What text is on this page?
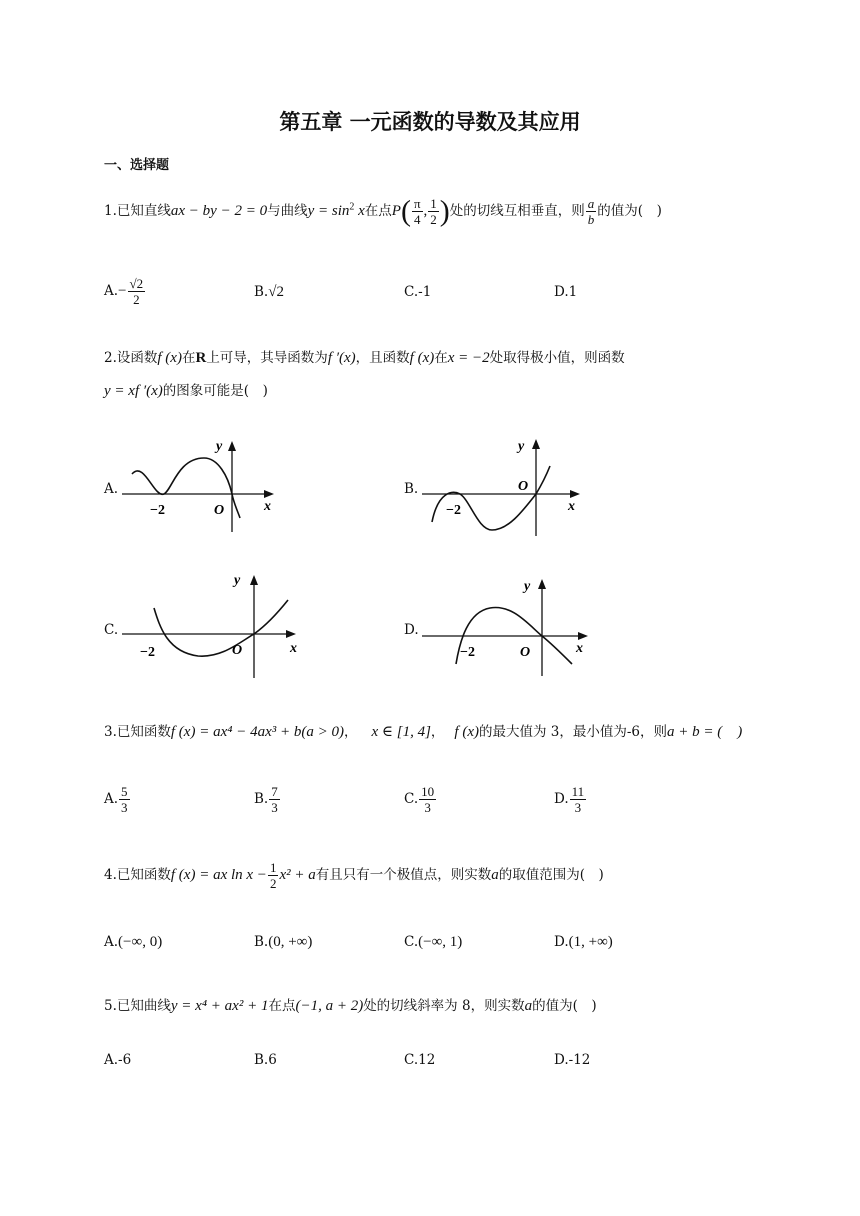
第五章 一元函数的导数及其应用
一、选择题
1.已知直线ax − by − 2 = 0与曲线$y = \sin^2 x$在点$P( \frac{\pi}{4}$ , $\frac{1}{2}$ )处的切线互相垂直，则 $\frac{a}{b}$ 的值为(　)
$A.- \frac{√2}{2}$	B.√2	C.-1	D.1
2.设函数f (x)在R上可导，其导函数为f ′(x)，且函数f (x)在x = −2处取得极小值，则函数
y = xf ′(x)的图象可能是(　)
A.
y
x
O
−2
B.
y
x
O
−2
C.
y
x
O
−2
D.
y
x
O
−2
3.已知函数f (x) = ax⁴ − 4ax³ + b(a > 0)， x ∈ [1, 4]， f (x)的最大值为 3，最小值为-6，则a + b = (　)
A. $\frac{5}{3}$	B. $\frac{7}{3}$	C. $\frac{10}{3}$	D. $\frac{11}{3}$
4.已知函数f (x) = ax $\ln x - \frac{1}{2} x^2 + a$有且只有一个极值点，则实数a的取值范围为(　)
A.(−∞, 0)	B.(0, +∞)	C.(−∞, 1)	D.(1, +∞)
5.已知曲线y = x⁴ + ax² + 1在点(−1, a + 2)处的切线斜率为 8，则实数a的值为(　)
A.-6	B.6	C.12	D.-12
